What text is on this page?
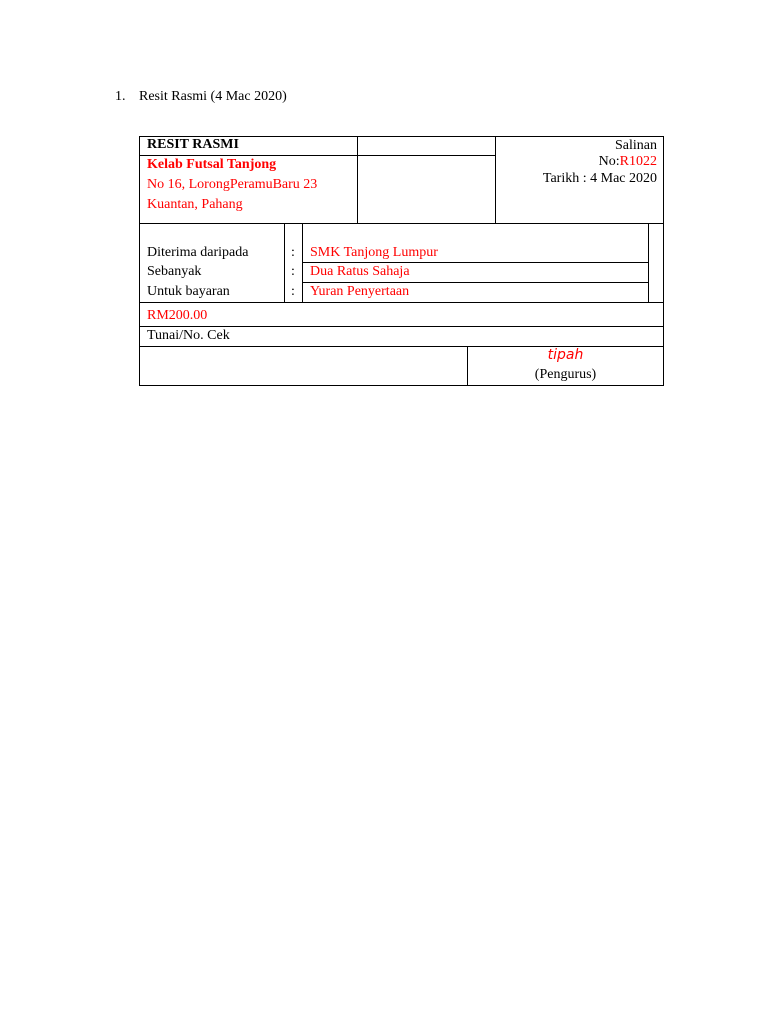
1. Resit Rasmi (4 Mac 2020)
RESIT RASMI
Kelab Futsal Tanjong
No 16, LorongPeramuBaru 23
Kuantan, Pahang
Salinan
No:R1022
Tarikh : 4 Mac 2020
Diterima daripada
Sebanyak
Untuk bayaran
:
:
:
SMK Tanjong Lumpur
Dua Ratus Sahaja
Yuran Penyertaan
RM200.00
Tunai/No. Cek
tipah
(Pengurus)
